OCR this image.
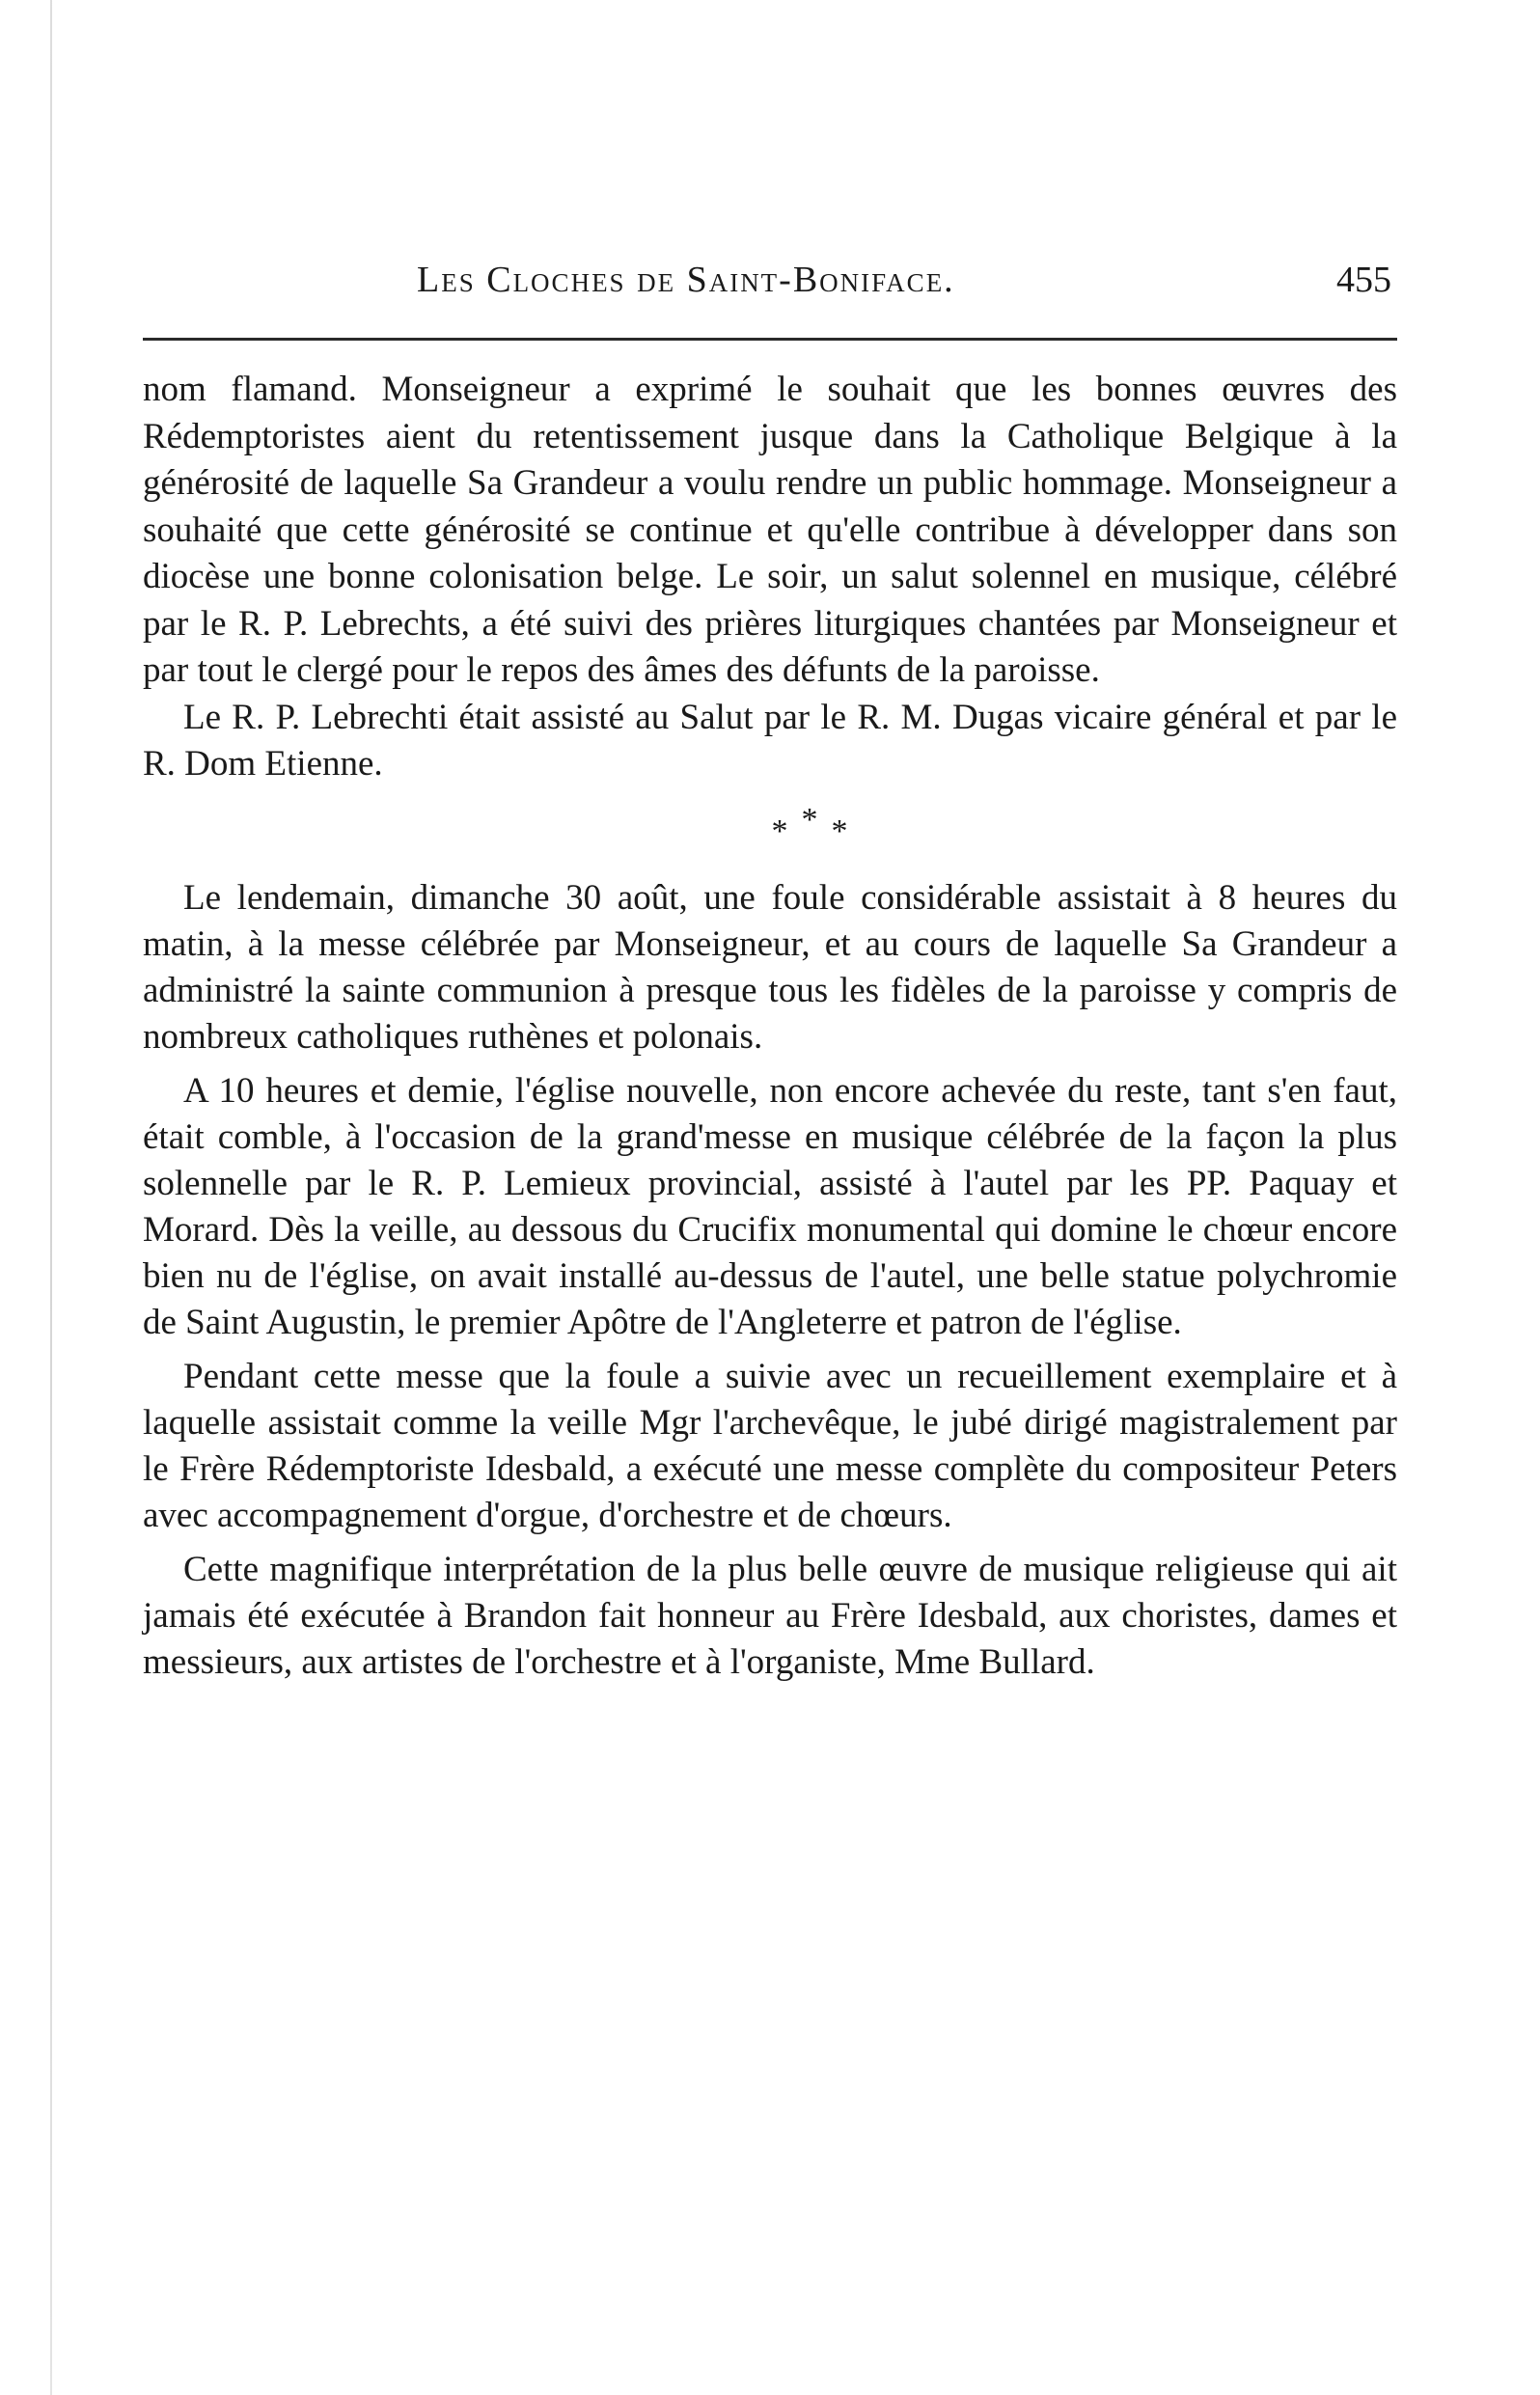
Les Cloches de Saint-Boniface.	455

nom flamand. Monseigneur a exprimé le souhait que les bonnes œuvres des Rédemptoristes aient du retentissement jusque dans la Catholique Belgique à la générosité de laquelle Sa Grandeur a voulu rendre un public hommage. Monseigneur a souhaité que cette générosité se continue et qu'elle contribue à développer dans son diocèse une bonne colonisation belge. Le soir, un salut solennel en musique, célébré par le R. P. Lebrechts, a été suivi des prières liturgiques chantées par Monseigneur et par tout le clergé pour le repos des âmes des défunts de la paroisse.

Le R. P. Lebrechti était assisté au Salut par le R. M. Dugas vicaire général et par le R. Dom Etienne.

***

Le lendemain, dimanche 30 août, une foule considérable assistait à 8 heures du matin, à la messe célébrée par Monseigneur, et au cours de laquelle Sa Grandeur a administré la sainte communion à presque tous les fidèles de la paroisse y compris de nombreux catholiques ruthènes et polonais.

A 10 heures et demie, l'église nouvelle, non encore achevée du reste, tant s'en faut, était comble, à l'occasion de la grand'messe en musique célébrée de la façon la plus solennelle par le R. P. Lemieux provincial, assisté à l'autel par les PP. Paquay et Morard. Dès la veille, au dessous du Crucifix monumental qui domine le chœur encore bien nu de l'église, on avait installé au-dessus de l'autel, une belle statue polychromie de Saint Augustin, le premier Apôtre de l'Angleterre et patron de l'église.

Pendant cette messe que la foule a suivie avec un recueillement exemplaire et à laquelle assistait comme la veille Mgr l'archevêque, le jubé dirigé magistralement par le Frère Rédemptoriste Idesbald, a exécuté une messe complète du compositeur Peters avec accompagnement d'orgue, d'orchestre et de chœurs.

Cette magnifique interprétation de la plus belle œuvre de musique religieuse qui ait jamais été exécutée à Brandon fait honneur au Frère Idesbald, aux choristes, dames et messieurs, aux artistes de l'orchestre et à l'organiste, Mme Bullard.
